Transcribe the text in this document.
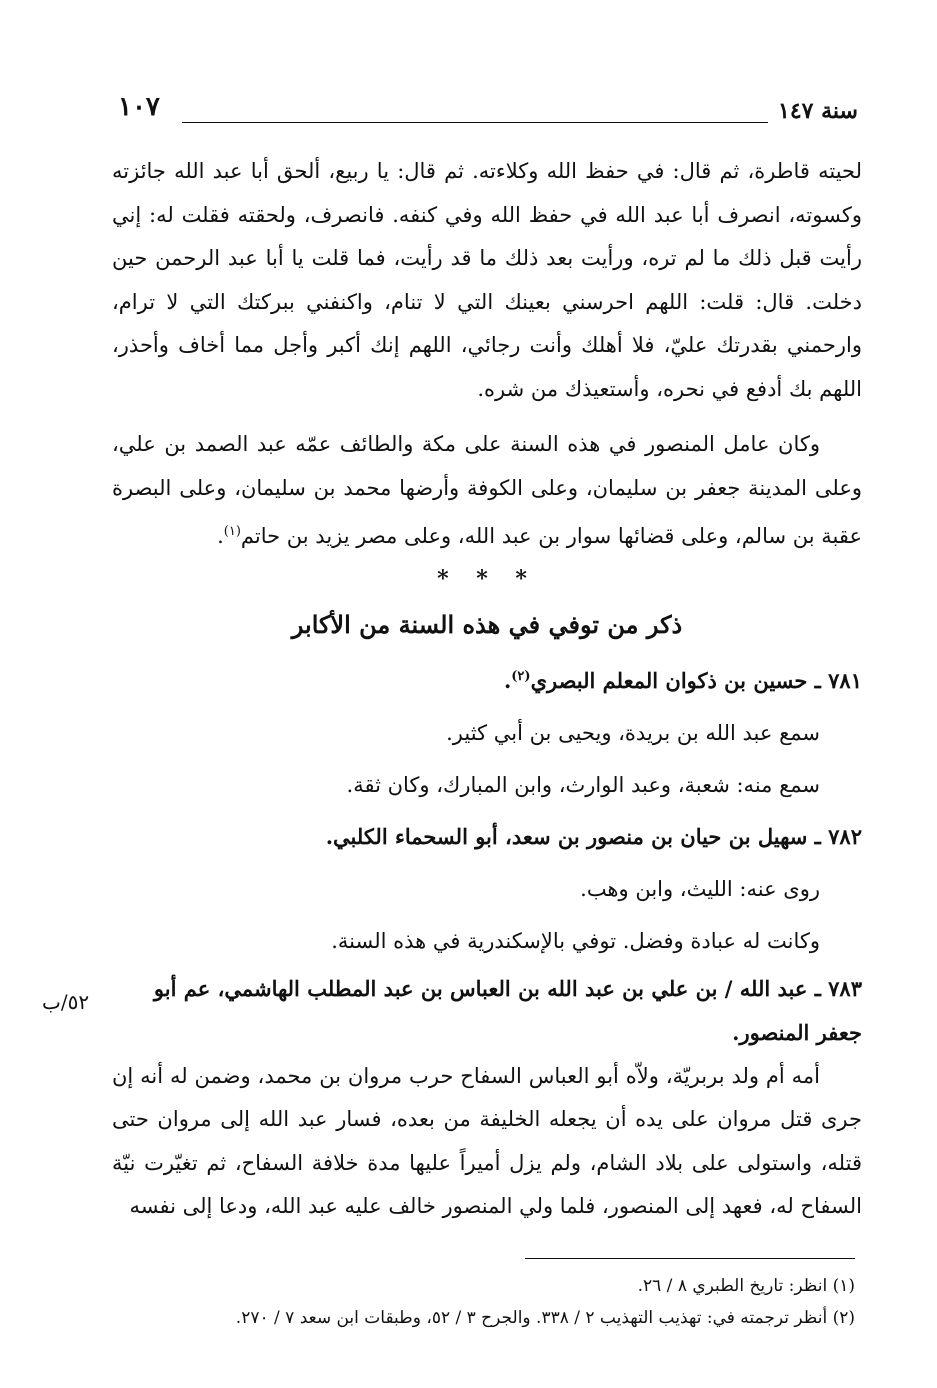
سنة ١٤٧
١٠٧
٥٢/ب

لحيته قاطرة، ثم قال: في حفظ الله وكلاءته. ثم قال: يا ربيع، ألحق أبا عبد الله جائزته وكسوته، انصرف أبا عبد الله في حفظ الله وفي كنفه. فانصرف، ولحقته فقلت له: إني رأيت قبل ذلك ما لم تره، ورأيت بعد ذلك ما قد رأيت، فما قلت يا أبا عبد الرحمن حين دخلت. قال: قلت: اللهم احرسني بعينك التي لا تنام، واكنفني ببركتك التي لا ترام، وارحمني بقدرتك عليّ، فلا أهلك وأنت رجائي، اللهم إنك أكبر وأجل مما أخاف وأحذر، اللهم بك أدفع في نحره، وأستعيذك من شره.

وكان عامل المنصور في هذه السنة على مكة والطائف عمّه عبد الصمد بن علي، وعلى المدينة جعفر بن سليمان، وعلى الكوفة وأرضها محمد بن سليمان، وعلى البصرة عقبة بن سالم، وعلى قضائها سوار بن عبد الله، وعلى مصر يزيد بن حاتم$^{(١)}$.

* * *
ذكر من توفي في هذه السنة من الأكابر

٧٨١ ـ حسين بن ذكوان المعلم البصري$^{(٢)}$.

سمع عبد الله بن بريدة، ويحيى بن أبي كثير.

سمع منه: شعبة، وعبد الوارث، وابن المبارك، وكان ثقة.

٧٨٢ ـ سهيل بن حيان بن منصور بن سعد، أبو السحماء الكلبي.

روى عنه: الليث، وابن وهب.

وكانت له عبادة وفضل. توفي بالإسكندرية في هذه السنة.

٧٨٣ ـ عبد الله / بن علي بن عبد الله بن العباس بن عبد المطلب الهاشمي، عم أبو جعفر المنصور.

أمه أم ولد بربريّة، ولاّه أبو العباس السفاح حرب مروان بن محمد، وضمن له أنه إن جرى قتل مروان على يده أن يجعله الخليفة من بعده، فسار عبد الله إلى مروان حتى قتله، واستولى على بلاد الشام، ولم يزل أميراً عليها مدة خلافة السفاح، ثم تغيّرت نيّة السفاح له، فعهد إلى المنصور، فلما ولي المنصور خالف عليه عبد الله، ودعا إلى نفسه

(١) انظر: تاريخ الطبري ٨ / ٢٦.

(٢) أنظر ترجمته في: تهذيب التهذيب ٢ / ٣٣٨. والجرح ٣ / ٥٢، وطبقات ابن سعد ٧ / ٢٧٠.
